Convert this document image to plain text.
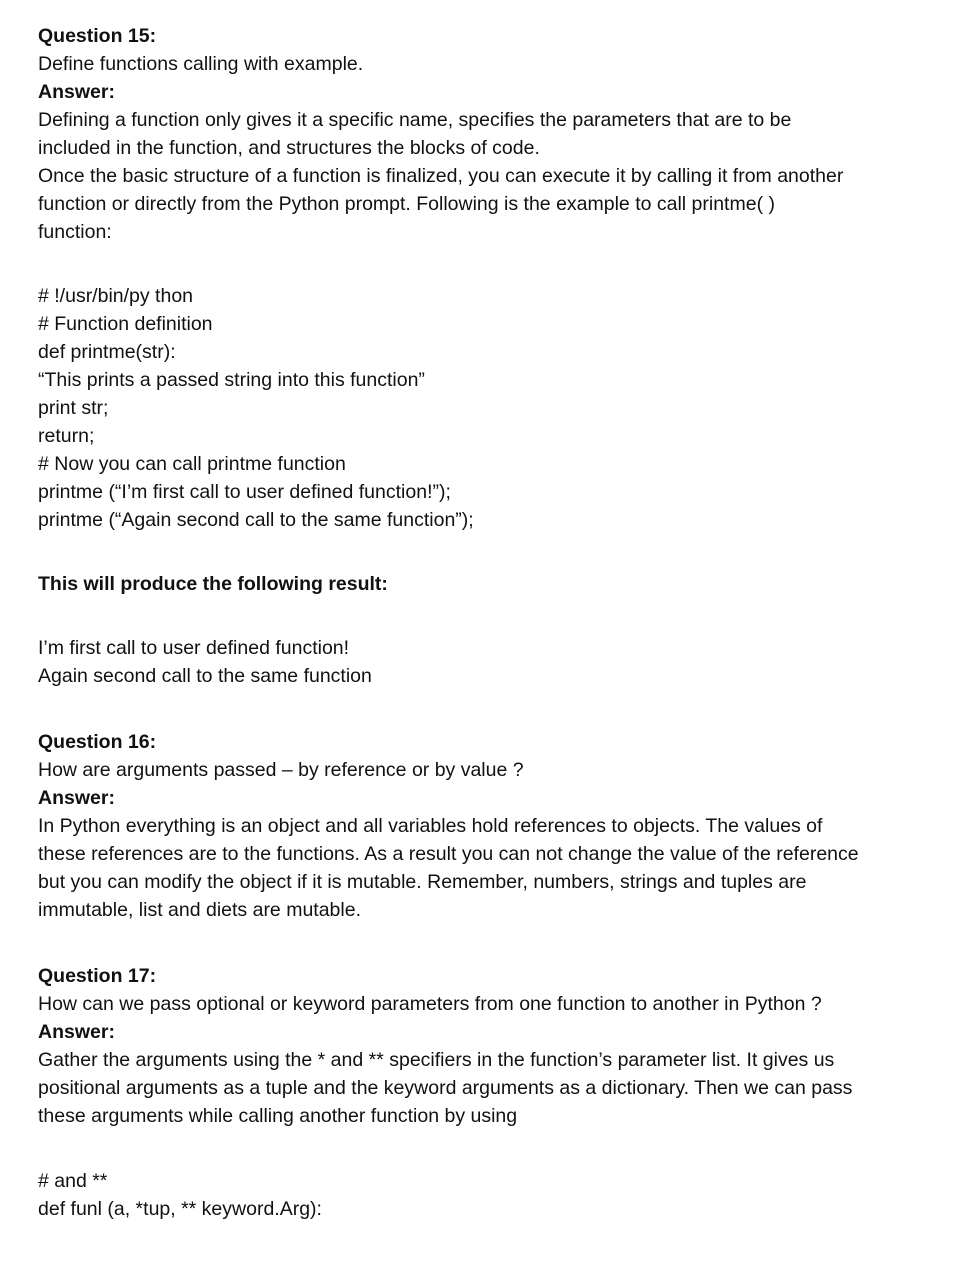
Question 15:
Define functions calling with example.
Answer:
Defining a function only gives it a specific name, specifies the parameters that are to be
included in the function, and structures the blocks of code.
Once the basic structure of a function is finalized, you can execute it by calling it from another
function or directly from the Python prompt. Following is the example to call printme( )
function:
# !/usr/bin/py thon
# Function definition
def printme(str):
“This prints a passed string into this function”
print str;
return;
# Now you can call printme function
printme (“I’m first call to user defined function!”);
printme (“Again second call to the same function”);
This will produce the following result:
I’m first call to user defined function!
Again second call to the same function
Question 16:
How are arguments passed – by reference or by value ?
Answer:
In Python everything is an object and all variables hold references to objects. The values of
these references are to the functions. As a result you can not change the value of the reference
but you can modify the object if it is mutable. Remember, numbers, strings and tuples are
immutable, list and diets are mutable.
Question 17:
How can we pass optional or keyword parameters from one function to another in Python ?
Answer:
Gather the arguments using the * and ** specifiers in the function’s parameter list. It gives us
positional arguments as a tuple and the keyword arguments as a dictionary. Then we can pass
these arguments while calling another function by using
# and **
def funl (a, *tup, ** keyword.Arg):
